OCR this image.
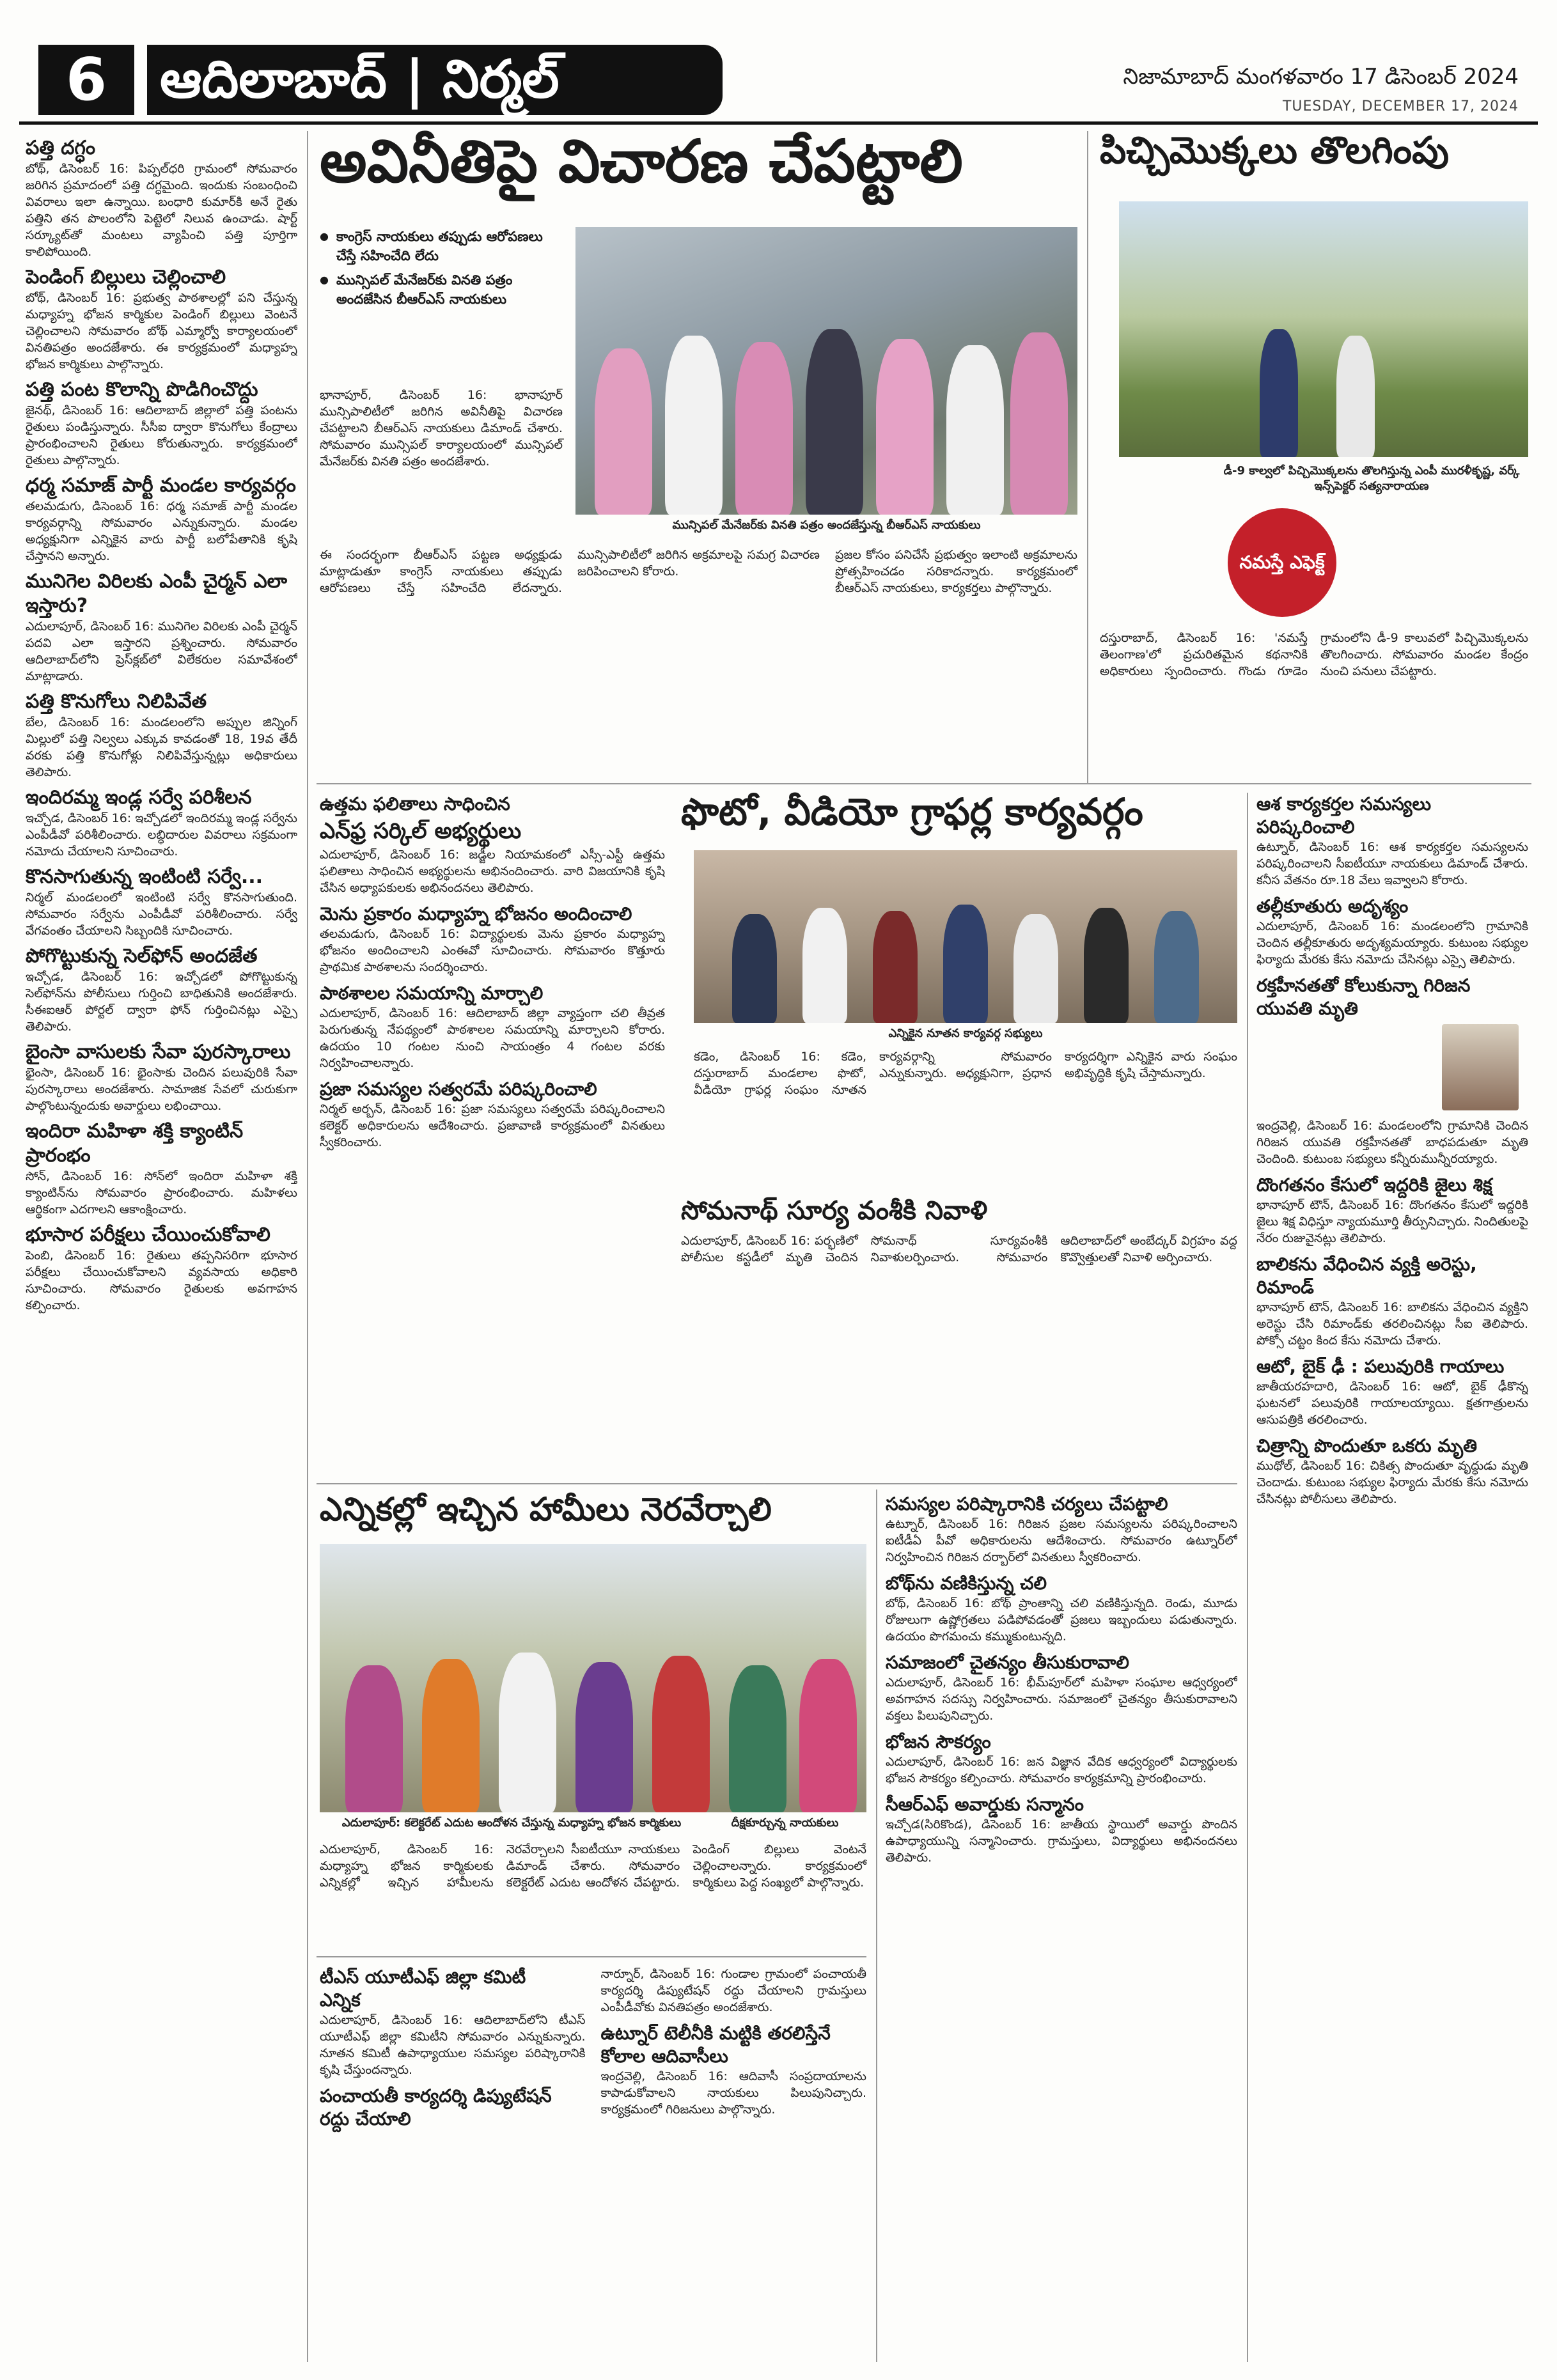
6	ఆదిలాబాద్ | నిర్మల్	నిజామాబాద్ మంగళవారం 17 డిసెంబర్ 2024
TUESDAY, DECEMBER 17, 2024
పత్తి దగ్ధం
బోథ్, డిసెంబర్ 16: పిప్పల్‌ధరి గ్రామంలో సోమవారం జరిగిన ప్రమాదంలో పత్తి దగ్ధమైంది. ఇందుకు సంబంధించి వివరాలు ఇలా ఉన్నాయి. బంధారి కుమార్‌కి అనే రైతు పత్తిని తన పొలంలోని పెట్టెలో నిలువ ఉంచాడు. షార్ట్ సర్క్యూట్‌తో మంటలు వ్యాపించి పత్తి పూర్తిగా కాలిపోయింది.
పెండింగ్ బిల్లులు చెల్లించాలి
బోథ్, డిసెంబర్ 16: ప్రభుత్వ పాఠశాలల్లో పని చేస్తున్న మధ్యాహ్న భోజన కార్మికుల పెండింగ్ బిల్లులు వెంటనే చెల్లించాలని సోమవారం బోథ్ ఎమ్మార్వో కార్యాలయంలో వినతిపత్రం అందజేశారు. ఈ కార్యక్రమంలో మధ్యాహ్న భోజన కార్మికులు పాల్గొన్నారు.
పత్తి పంట కొలాన్ని పొడిగించొద్దు
జైనథ్, డిసెంబర్ 16: ఆదిలాబాద్ జిల్లాలో పత్తి పంటను రైతులు పండిస్తున్నారు. సీసీఐ ద్వారా కొనుగోలు కేంద్రాలు ప్రారంభించాలని రైతులు కోరుతున్నారు. కార్యక్రమంలో రైతులు పాల్గొన్నారు.
ధర్మ సమాజ్ పార్టీ మండల కార్యవర్గం
తలమడుగు, డిసెంబర్ 16: ధర్మ సమాజ్ పార్టీ మండల కార్యవర్గాన్ని సోమవారం ఎన్నుకున్నారు. మండల అధ్యక్షునిగా ఎన్నికైన వారు పార్టీ బలోపేతానికి కృషి చేస్తానని అన్నారు.
మునిగెల విరిలకు ఎంపీ చైర్మన్ ఎలా ఇస్తారు?
ఎదులాపూర్, డిసెంబర్ 16: మునిగెల విరిలకు ఎంపీ చైర్మన్ పదవి ఎలా ఇస్తారని ప్రశ్నించారు. సోమవారం ఆదిలాబాద్‌లోని ప్రెస్‌క్లబ్‌లో విలేకరుల సమావేశంలో మాట్లాడారు.
పత్తి కొనుగోలు నిలిపివేత
బేల, డిసెంబర్ 16: మండలంలోని అప్పుల జిన్నింగ్ మిల్లులో పత్తి నిల్వలు ఎక్కువ కావడంతో 18, 19వ తేదీ వరకు పత్తి కొనుగోళ్లు నిలిపివేస్తున్నట్లు అధికారులు తెలిపారు.
ఇందిరమ్మ ఇండ్ల సర్వే పరిశీలన
ఇచ్చోడ, డిసెంబర్ 16: ఇచ్చోడలో ఇందిరమ్మ ఇండ్ల సర్వేను ఎంపీడీవో పరిశీలించారు. లబ్ధిదారుల వివరాలు సక్రమంగా నమోదు చేయాలని సూచించారు.
కొనసాగుతున్న ఇంటింటి సర్వే...
నిర్మల్ మండలంలో ఇంటింటి సర్వే కొనసాగుతుంది. సోమవారం సర్వేను ఎంపీడీవో పరిశీలించారు. సర్వే వేగవంతం చేయాలని సిబ్బందికి సూచించారు.
పోగొట్టుకున్న సెల్‌ఫోన్ అందజేత
ఇచ్చోడ, డిసెంబర్ 16: ఇచ్చోడలో పోగొట్టుకున్న సెల్‌ఫోన్‌ను పోలీసులు గుర్తించి బాధితునికి అందజేశారు. సీఈఐఆర్ పోర్టల్ ద్వారా ఫోన్ గుర్తించినట్లు ఎస్సై తెలిపారు.
బైంసా వాసులకు సేవా పురస్కారాలు
భైంసా, డిసెంబర్ 16: భైంసాకు చెందిన పలువురికి సేవా పురస్కారాలు అందజేశారు. సామాజిక సేవలో చురుకుగా పాల్గొంటున్నందుకు అవార్డులు లభించాయి.
ఇందిరా మహిళా శక్తి క్యాంటిన్ ప్రారంభం
సోన్, డిసెంబర్ 16: సోన్‌లో ఇందిరా మహిళా శక్తి క్యాంటిన్‌ను సోమవారం ప్రారంభించారు. మహిళలు ఆర్థికంగా ఎదగాలని ఆకాంక్షించారు.
భూసార పరీక్షలు చేయించుకోవాలి
పెంబి, డిసెంబర్ 16: రైతులు తప్పనిసరిగా భూసార పరీక్షలు చేయించుకోవాలని వ్యవసాయ అధికారి సూచించారు. సోమవారం రైతులకు అవగాహన కల్పించారు.
అవినీతిపై విచారణ చేపట్టాలి
● కాంగ్రెస్ నాయకులు తప్పుడు ఆరోపణలు చేస్తే సహించేది లేదు
● మున్సిపల్ మేనేజర్‌కు వినతి పత్రం అందజేసిన బీఆర్ఎస్ నాయకులు
మున్సిపల్ మేనేజర్‌కు వినతి పత్రం అందజేస్తున్న బీఆర్ఎస్ నాయకులు

భానాపూర్, డిసెంబర్ 16: భానాపూర్ మున్సిపాలిటీలో జరిగిన అవినీతిపై విచారణ చేపట్టాలని బీఆర్ఎస్ నాయకులు డిమాండ్ చేశారు. సోమవారం మున్సిపల్ కార్యాలయంలో మున్సిపల్ మేనేజర్‌కు వినతి పత్రం అందజేశారు.

ఈ సందర్భంగా బీఆర్ఎస్ పట్టణ అధ్యక్షుడు మాట్లాడుతూ కాంగ్రెస్ నాయకులు తప్పుడు ఆరోపణలు చేస్తే సహించేది లేదన్నారు. మున్సిపాలిటీలో జరిగిన అక్రమాలపై సమగ్ర విచారణ జరిపించాలని కోరారు.

ప్రజల కోసం పనిచేసే ప్రభుత్వం ఇలాంటి అక్రమాలను ప్రోత్సహించడం సరికాదన్నారు. కార్యక్రమంలో బీఆర్ఎస్ నాయకులు, కార్యకర్తలు పాల్గొన్నారు.

పిచ్చిమొక్కలు తొలగింపు
డీ-9 కాల్వలో పిచ్చిమొక్కలను తొలగిస్తున్న ఎంపీ మురళీకృష్ణ, వర్క్ ఇన్స్‌పెక్టర్ సత్యనారాయణ
నమస్తే ఎఫెక్ట్
దస్తురాబాద్, డిసెంబర్ 16: 'నమస్తే తెలంగాణ'లో ప్రచురితమైన కథనానికి అధికారులు స్పందించారు. గొండు గూడెం గ్రామంలోని డీ-9 కాలువలో పిచ్చిమొక్కలను తొలగించారు. సోమవారం మండల కేంద్రం నుంచి పనులు చేపట్టారు.
ఉత్తమ ఫలితాలు సాధించిన
ఎన్‌ఫ్ర సర్కిల్ అభ్యర్థులు
ఎదులాపూర్, డిసెంబర్ 16: జడ్జీల నియామకంలో ఎస్సీ-ఎస్టీ ఉత్తమ ఫలితాలు సాధించిన అభ్యర్థులను అభినందించారు. వారి విజయానికి కృషి చేసిన అధ్యాపకులకు అభినందనలు తెలిపారు.
మెను ప్రకారం మధ్యాహ్న భోజనం అందించాలి
తలమడుగు, డిసెంబర్ 16: విద్యార్థులకు మెను ప్రకారం మధ్యాహ్న భోజనం అందించాలని ఎంఈవో సూచించారు. సోమవారం కొత్తూరు ప్రాథమిక పాఠశాలను సందర్శించారు.
పాఠశాలల సమయాన్ని మార్చాలి
ఎదులాపూర్, డిసెంబర్ 16: ఆదిలాబాద్ జిల్లా వ్యాప్తంగా చలి తీవ్రత పెరుగుతున్న నేపథ్యంలో పాఠశాలల సమయాన్ని మార్చాలని కోరారు. ఉదయం 10 గంటల నుంచి సాయంత్రం 4 గంటల వరకు నిర్వహించాలన్నారు.
ప్రజా సమస్యల సత్వరమే పరిష్కరించాలి
నిర్మల్ అర్బన్, డిసెంబర్ 16: ప్రజా సమస్యలు సత్వరమే పరిష్కరించాలని కలెక్టర్ అధికారులను ఆదేశించారు. ప్రజావాణి కార్యక్రమంలో వినతులు స్వీకరించారు.
ఫొటో, వీడియో గ్రాఫర్ల కార్యవర్గం
ఎన్నికైన నూతన కార్యవర్గ సభ్యులు
కడెం, డిసెంబర్ 16: కడెం, దస్తురాబాద్ మండలాల ఫొటో, వీడియో గ్రాఫర్ల సంఘం నూతన కార్యవర్గాన్ని సోమవారం ఎన్నుకున్నారు. అధ్యక్షునిగా, ప్రధాన కార్యదర్శిగా ఎన్నికైన వారు సంఘం అభివృద్ధికి కృషి చేస్తామన్నారు.
సోమనాథ్ సూర్య వంశీకి నివాళి
ఎదులాపూర్, డిసెంబర్ 16: పర్భణిలో పోలీసుల కస్టడీలో మృతి చెందిన సోమనాథ్ సూర్యవంశీకి నివాళులర్పించారు. సోమవారం ఆదిలాబాద్‌లో అంబేద్కర్ విగ్రహం వద్ద కొవ్వొత్తులతో నివాళి అర్పించారు.
ఎన్నికల్లో ఇచ్చిన హామీలు నెరవేర్చాలి
ఎదులాపూర్: కలెక్టరేట్ ఎదుట ఆందోళన చేస్తున్న మధ్యాహ్న భోజన కార్మికులు	దీక్షకూర్చున్న నాయకులు
ఎదులాపూర్, డిసెంబర్ 16: మధ్యాహ్న భోజన కార్మికులకు ఎన్నికల్లో ఇచ్చిన హామీలను నెరవేర్చాలని సీఐటీయూ నాయకులు డిమాండ్ చేశారు. సోమవారం కలెక్టరేట్ ఎదుట ఆందోళన చేపట్టారు. పెండింగ్ బిల్లులు వెంటనే చెల్లించాలన్నారు. కార్యక్రమంలో కార్మికులు పెద్ద సంఖ్యలో పాల్గొన్నారు.
టీఎస్ యూటీఎఫ్ జిల్లా కమిటీ
ఎన్నిక
ఎదులాపూర్, డిసెంబర్ 16: ఆదిలాబాద్‌లోని టీఎస్ యూటీఎఫ్ జిల్లా కమిటీని సోమవారం ఎన్నుకున్నారు. నూతన కమిటీ ఉపాధ్యాయుల సమస్యల పరిష్కారానికి కృషి చేస్తుందన్నారు.
పంచాయతీ కార్యదర్శి డిప్యుటేషన్ రద్దు చేయాలి
నార్నూర్, డిసెంబర్ 16: గుండాల గ్రామంలో పంచాయతీ కార్యదర్శి డిప్యుటేషన్ రద్దు చేయాలని గ్రామస్తులు ఎంపీడీవోకు వినతిపత్రం అందజేశారు.
ఉట్నూర్ టెలీనీకి మట్టికి తరలిస్తేనే కోలాల ఆదివాసీలు
ఇంద్రవెల్లి, డిసెంబర్ 16: ఆదివాసీ సంప్రదాయాలను కాపాడుకోవాలని నాయకులు పిలుపునిచ్చారు. కార్యక్రమంలో గిరిజనులు పాల్గొన్నారు.
సమస్యల పరిష్కారానికి చర్యలు చేపట్టాలి
ఉట్నూర్, డిసెంబర్ 16: గిరిజన ప్రజల సమస్యలను పరిష్కరించాలని ఐటీడీఏ పీవో అధికారులను ఆదేశించారు. సోమవారం ఉట్నూర్‌లో నిర్వహించిన గిరిజన దర్బార్‌లో వినతులు స్వీకరించారు.
బోథ్‌ను వణికిస్తున్న చలి
బోథ్, డిసెంబర్ 16: బోథ్ ప్రాంతాన్ని చలి వణికిస్తున్నది. రెండు, మూడు రోజులుగా ఉష్ణోగ్రతలు పడిపోవడంతో ప్రజలు ఇబ్బందులు పడుతున్నారు. ఉదయం పొగమంచు కమ్ముకుంటున్నది.
సమాజంలో చైతన్యం తీసుకురావాలి
ఎదులాపూర్, డిసెంబర్ 16: భీమ్‌పూర్‌లో మహిళా సంఘాల ఆధ్వర్యంలో అవగాహన సదస్సు నిర్వహించారు. సమాజంలో చైతన్యం తీసుకురావాలని వక్తలు పిలుపునిచ్చారు.
భోజన సౌకర్యం
ఎదులాపూర్, డిసెంబర్ 16: జన విజ్ఞాన వేదిక ఆధ్వర్యంలో విద్యార్థులకు భోజన సౌకర్యం కల్పించారు. సోమవారం కార్యక్రమాన్ని ప్రారంభించారు.
సీఆర్‌ఎఫ్ అవార్డుకు సన్మానం
ఇచ్చోడ(సిరికొండ), డిసెంబర్ 16: జాతీయ స్థాయిలో అవార్డు పొందిన ఉపాధ్యాయున్ని సన్మానించారు. గ్రామస్తులు, విద్యార్థులు అభినందనలు తెలిపారు.
ఆశ కార్యకర్తల సమస్యలు పరిష్కరించాలి
ఉట్నూర్, డిసెంబర్ 16: ఆశ కార్యకర్తల సమస్యలను పరిష్కరించాలని సీఐటీయూ నాయకులు డిమాండ్ చేశారు. కనీస వేతనం రూ.18 వేలు ఇవ్వాలని కోరారు.
తల్లీకూతురు అదృశ్యం
ఎదులాపూర్, డిసెంబర్ 16: మండలంలోని గ్రామానికి చెందిన తల్లీకూతురు అదృశ్యమయ్యారు. కుటుంబ సభ్యుల ఫిర్యాదు మేరకు కేసు నమోదు చేసినట్లు ఎస్సై తెలిపారు.
రక్తహీనతతో కోలుకున్నా గిరిజన యువతి మృతి
ఇంద్రవెల్లి, డిసెంబర్ 16: మండలంలోని గ్రామానికి చెందిన గిరిజన యువతి రక్తహీనతతో బాధపడుతూ మృతి చెందింది. కుటుంబ సభ్యులు కన్నీరుమున్నీరయ్యారు.
దొంగతనం కేసులో ఇద్దరికి జైలు శిక్ష
భానాపూర్ టౌన్, డిసెంబర్ 16: దొంగతనం కేసులో ఇద్దరికి జైలు శిక్ష విధిస్తూ న్యాయమూర్తి తీర్పునిచ్చారు. నిందితులపై నేరం రుజువైనట్లు తెలిపారు.
బాలికను వేధించిన వ్యక్తి అరెస్టు, రిమాండ్
భానాపూర్ టౌన్, డిసెంబర్ 16: బాలికను వేధించిన వ్యక్తిని అరెస్టు చేసి రిమాండ్‌కు తరలించినట్లు సీఐ తెలిపారు. పోక్సో చట్టం కింద కేసు నమోదు చేశారు.
ఆటో, బైక్ ఢీ : పలువురికి గాయాలు
జాతీయరహదారి, డిసెంబర్ 16: ఆటో, బైక్ ఢీకొన్న ఘటనలో పలువురికి గాయాలయ్యాయి. క్షతగాత్రులను ఆసుపత్రికి తరలించారు.
చిత్రాన్ని పొందుతూ ఒకరు మృతి
ముథోల్, డిసెంబర్ 16: చికిత్స పొందుతూ వృద్ధుడు మృతి చెందాడు. కుటుంబ సభ్యుల ఫిర్యాదు మేరకు కేసు నమోదు చేసినట్లు పోలీసులు తెలిపారు.
